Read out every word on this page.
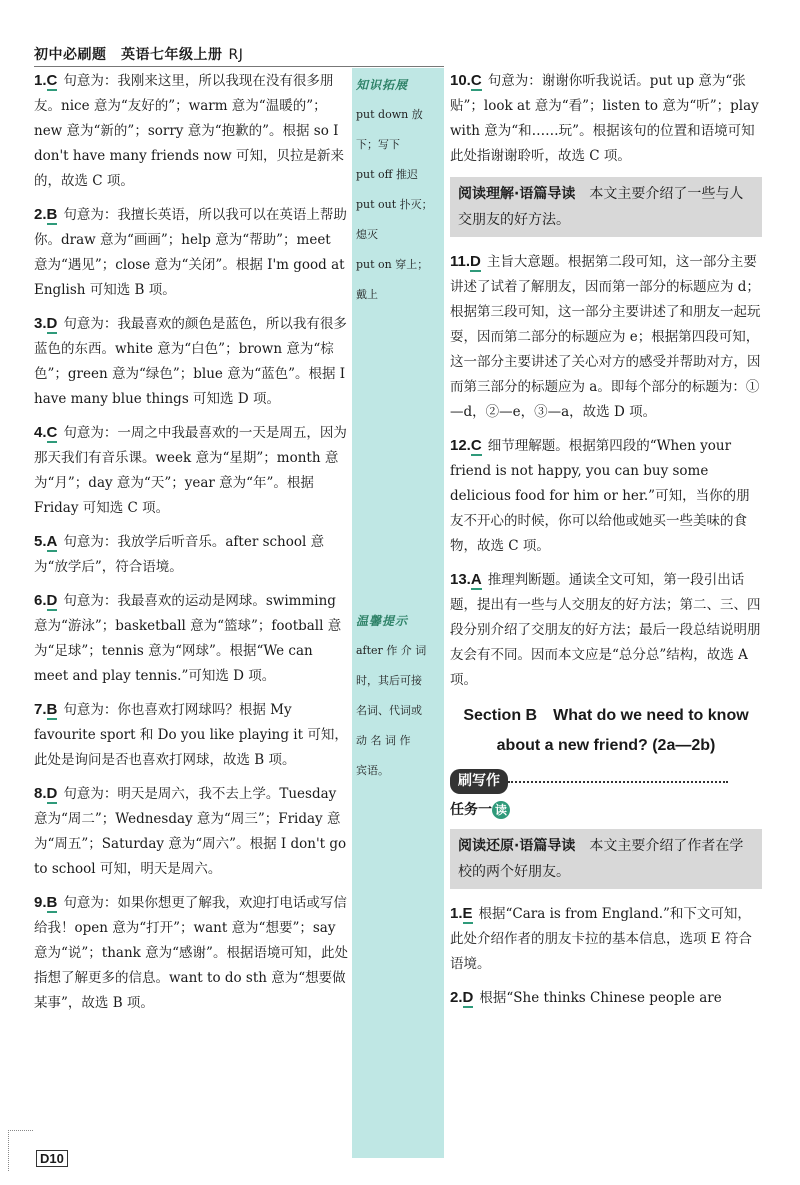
初中必刷题　英语七年级上册 RJ
知识拓展
put down 放
下；写下
put off 推迟
put out 扑灭；
熄灭
put on 穿上；
戴上
温馨提示
after 作 介 词
时，其后可接
名词、代词或
动 名 词 作
宾语。

1.C 句意为：我刚来这里，所以我现在没有很多朋友。nice 意为“友好的”；warm 意为“温暖的”；new 意为“新的”；sorry 意为“抱歉的”。根据 so I don't have many friends now 可知，贝拉是新来的，故选 C 项。

2.B 句意为：我擅长英语，所以我可以在英语上帮助你。draw 意为“画画”；help 意为“帮助”；meet 意为“遇见”；close 意为“关闭”。根据 I'm good at English 可知选 B 项。

3.D 句意为：我最喜欢的颜色是蓝色，所以我有很多蓝色的东西。white 意为“白色”；brown 意为“棕色”；green 意为“绿色”；blue 意为“蓝色”。根据 I have many blue things 可知选 D 项。

4.C 句意为：一周之中我最喜欢的一天是周五，因为那天我们有音乐课。week 意为“星期”；month 意为“月”；day 意为“天”；year 意为“年”。根据 Friday 可知选 C 项。

5.A 句意为：我放学后听音乐。after school 意为“放学后”，符合语境。

6.D 句意为：我最喜欢的运动是网球。swimming 意为“游泳”；basketball 意为“篮球”；football 意为“足球”；tennis 意为“网球”。根据“We can meet and play tennis.”可知选 D 项。

7.B 句意为：你也喜欢打网球吗？根据 My favourite sport 和 Do you like playing it 可知，此处是询问是否也喜欢打网球，故选 B 项。

8.D 句意为：明天是周六，我不去上学。Tuesday 意为“周二”；Wednesday 意为“周三”；Friday 意为“周五”；Saturday 意为“周六”。根据 I don't go to school 可知，明天是周六。

9.B 句意为：如果你想更了解我，欢迎打电话或写信给我！open 意为“打开”；want 意为“想要”；say 意为“说”；thank 意为“感谢”。根据语境可知，此处指想了解更多的信息。want to do sth 意为“想要做某事”，故选 B 项。

10.C 句意为：谢谢你听我说话。put up 意为“张贴”；look at 意为“看”；listen to 意为“听”；play with 意为“和……玩”。根据该句的位置和语境可知此处指谢谢聆听，故选 C 项。

阅读理解·语篇导读　 本文主要介绍了一些与人交朋友的好方法。

11.D 主旨大意题。根据第二段可知，这一部分主要讲述了试着了解朋友，因而第一部分的标题应为 d；根据第三段可知，这一部分主要讲述了和朋友一起玩耍，因而第二部分的标题应为 e；根据第四段可知，这一部分主要讲述了关心对方的感受并帮助对方，因而第三部分的标题应为 a。即每个部分的标题为：①—d，②—e，③—a，故选 D 项。

12.C 细节理解题。根据第四段的“When your friend is not happy, you can buy some delicious food for him or her.”可知，当你的朋友不开心的时候，你可以给他或她买一些美味的食物，故选 C 项。

13.A 推理判断题。通读全文可知，第一段引出话题，提出有一些与人交朋友的好方法；第二、三、四段分别介绍了交朋友的好方法；最后一段总结说明朋友会有不同。因而本文应是“总分总”结构，故选 A 项。

Section B　What do we need to know
about a new friend? (2a—2b)
刷写作
任务一 读
阅读还原·语篇导读　 本文主要介绍了作者在学校的两个好朋友。

1.E 根据“Cara is from England.”和下文可知，此处介绍作者的朋友卡拉的基本信息，选项 E 符合语境。

2.D 根据“She thinks Chinese people are

D10
